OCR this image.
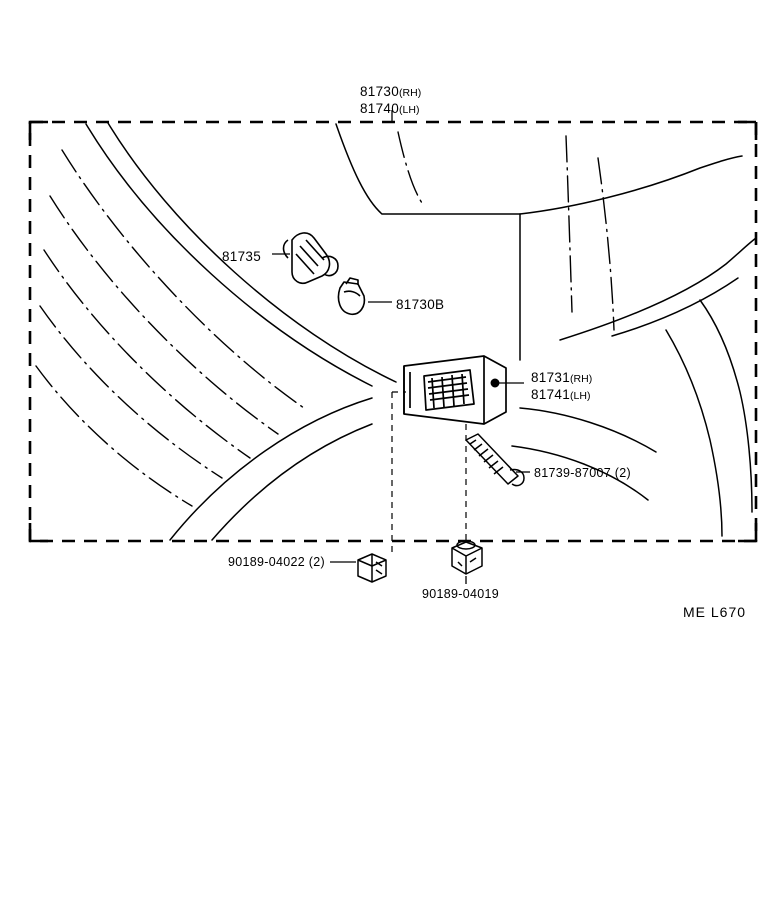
81730(RH)
81740(LH)
81735
81730B
81731(RH)
81741(LH)
81739-87007 (2)
90189-04022 (2)
90189-04019
ME L670
